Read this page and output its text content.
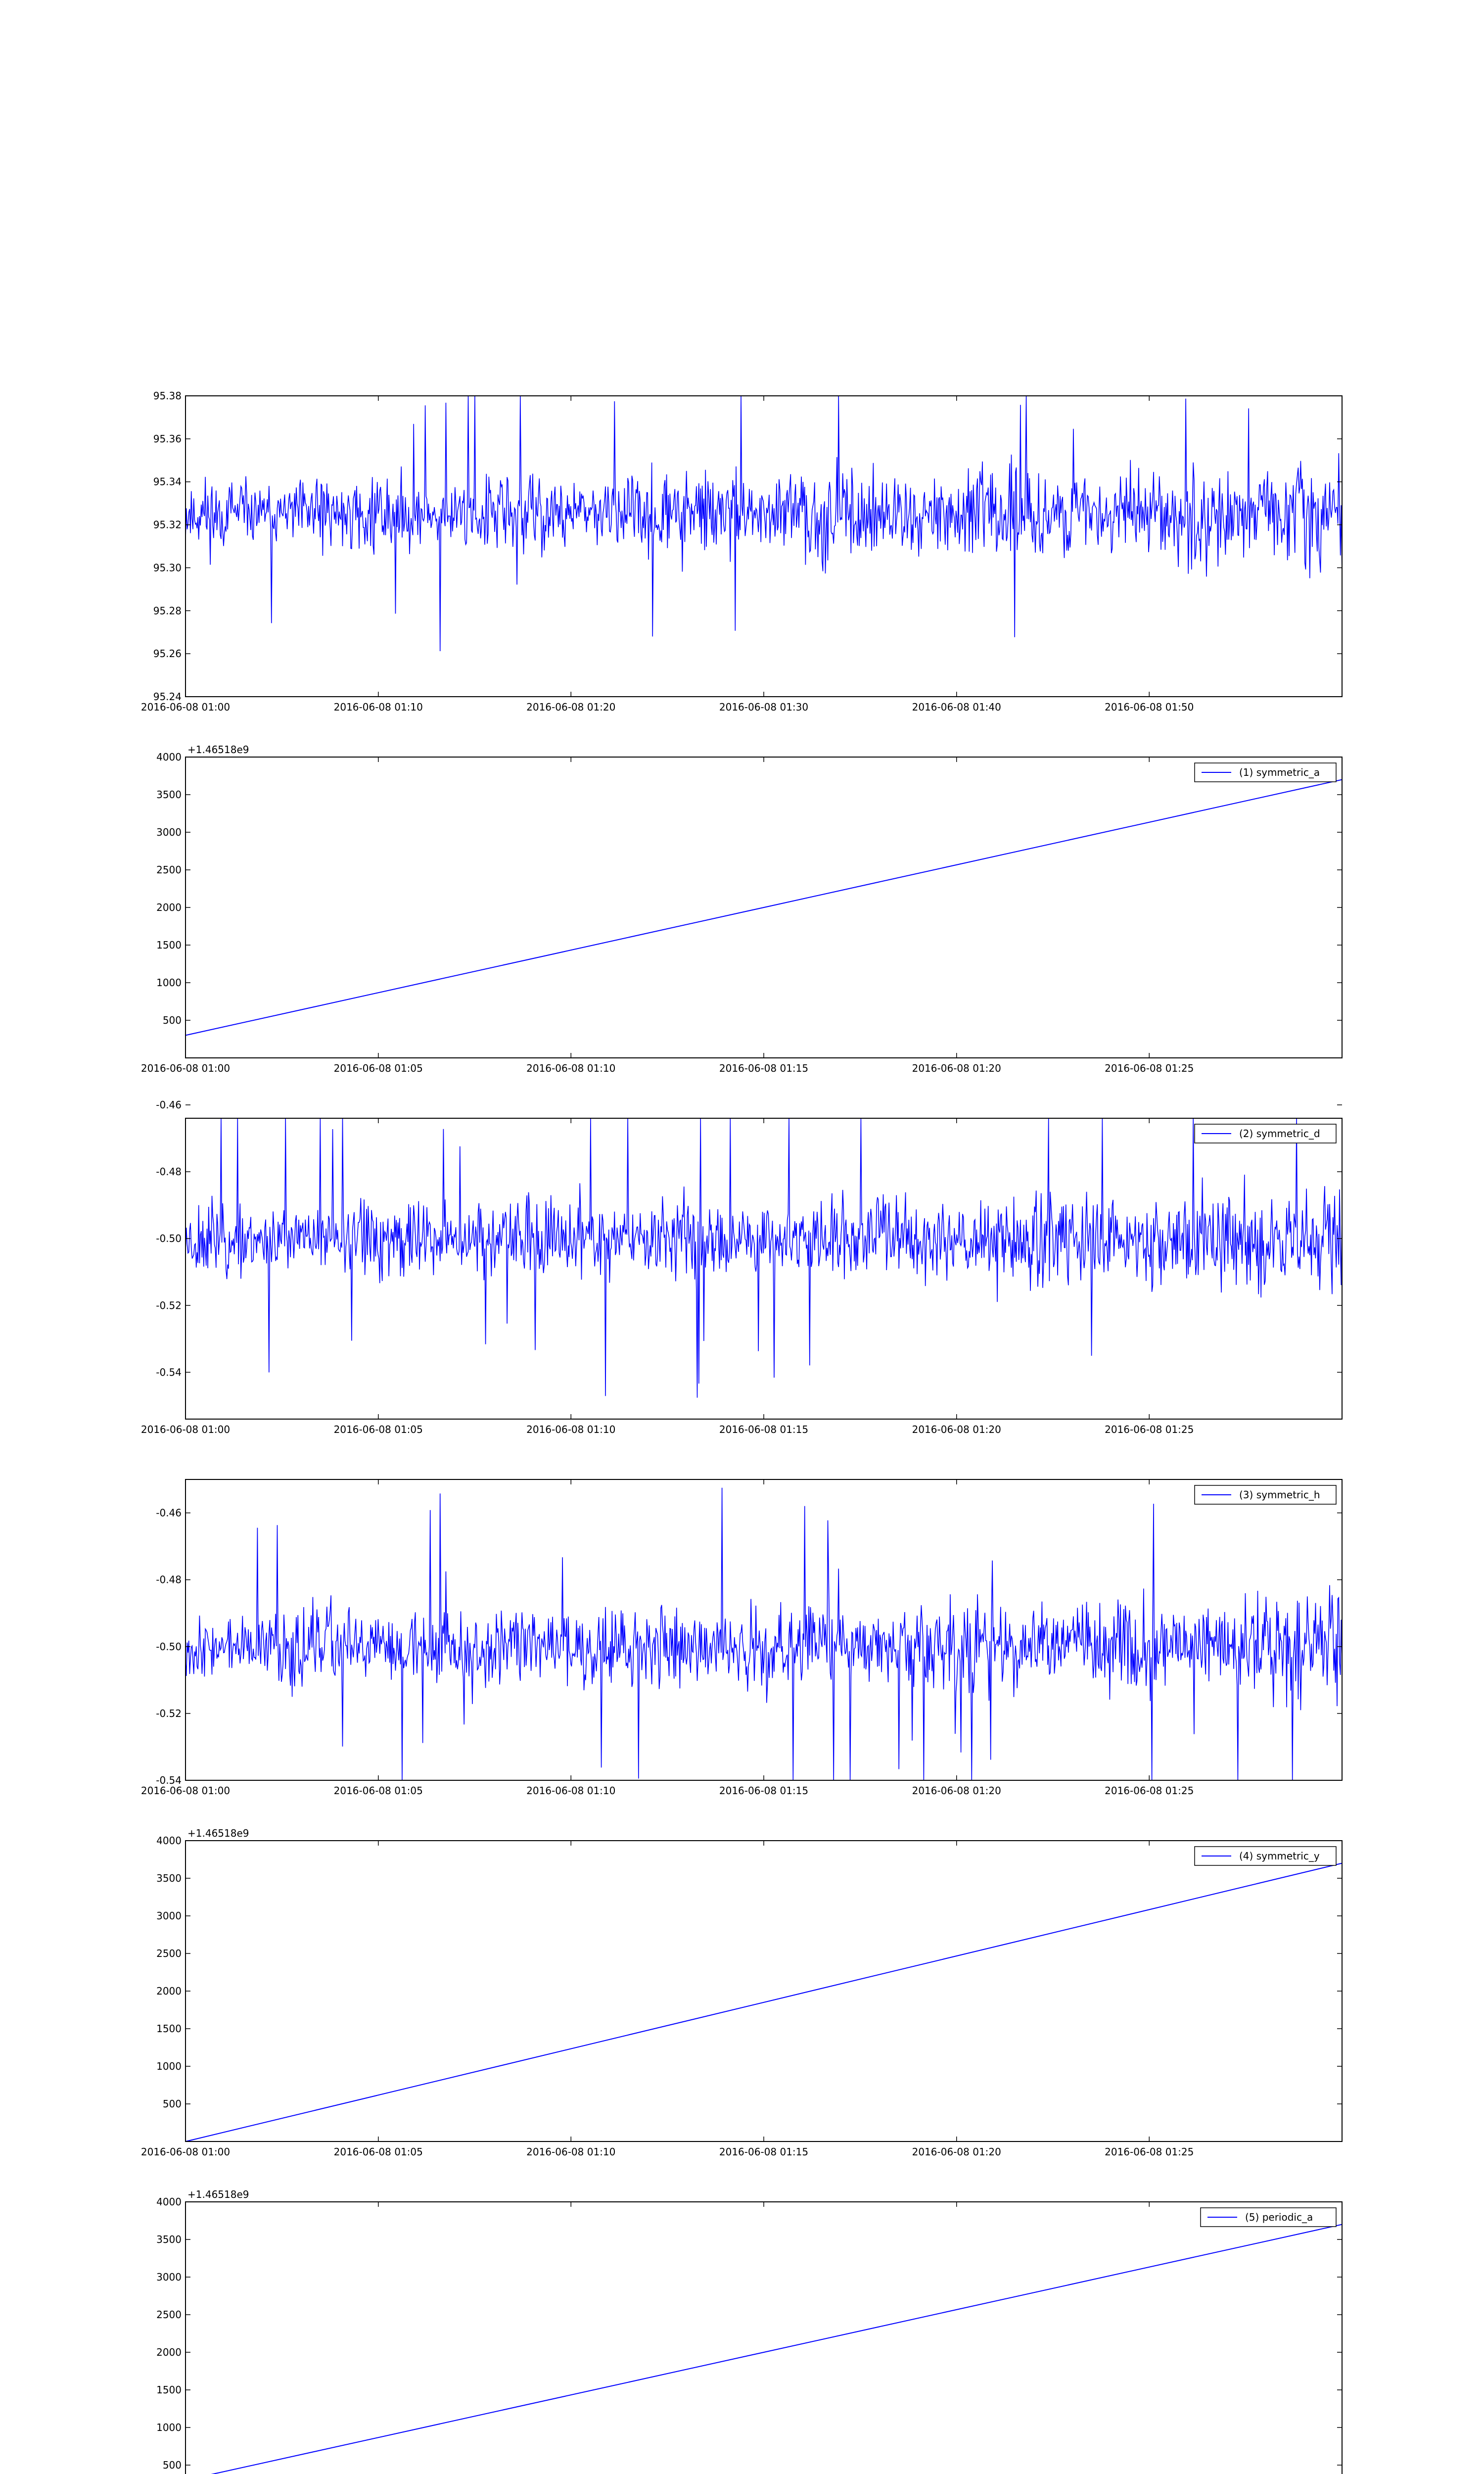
95.24
95.26
95.28
95.30
95.32
95.34
95.36
95.38
2016-06-08 01:00	2016-06-08 01:10	2016-06-08 01:20	2016-06-08 01:30	2016-06-08 01:40	2016-06-08 01:50
500
1000
1500
2000
2500
3000
3500
4000
2016-06-08 01:00	2016-06-08 01:05	2016-06-08 01:10	2016-06-08 01:15	2016-06-08 01:20	2016-06-08 01:25
+1.46518e9
(1) symmetric_a
-0.54
-0.52
-0.50
-0.48
-0.46
2016-06-08 01:00	2016-06-08 01:05	2016-06-08 01:10	2016-06-08 01:15	2016-06-08 01:20	2016-06-08 01:25
(2) symmetric_d
-0.54
-0.52
-0.50
-0.48
-0.46
2016-06-08 01:00	2016-06-08 01:05	2016-06-08 01:10	2016-06-08 01:15	2016-06-08 01:20	2016-06-08 01:25
(3) symmetric_h
500
1000
1500
2000
2500
3000
3500
4000
2016-06-08 01:00	2016-06-08 01:05	2016-06-08 01:10	2016-06-08 01:15	2016-06-08 01:20	2016-06-08 01:25
+1.46518e9
(4) symmetric_y
500
1000
1500
2000
2500
3000
3500
4000
+1.46518e9
(5) periodic_a
